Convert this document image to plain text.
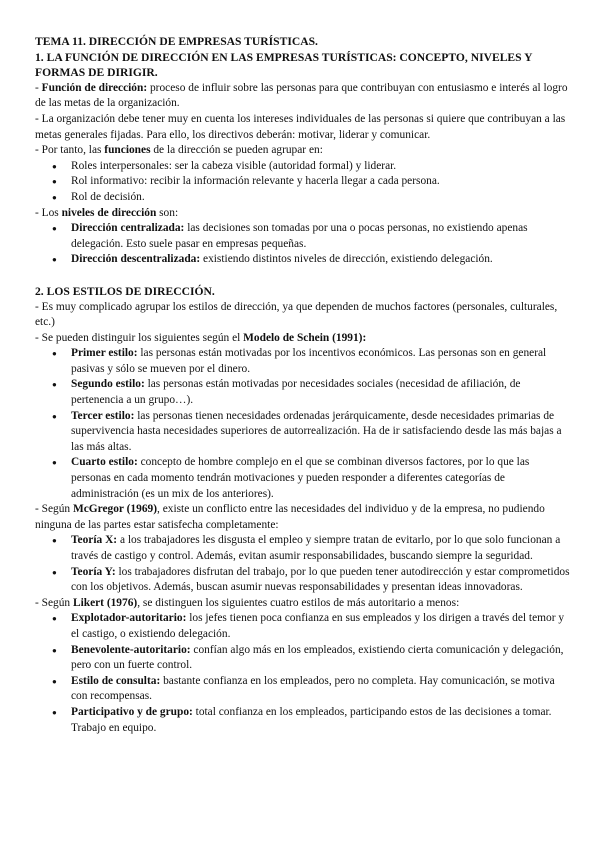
TEMA 11. DIRECCIÓN DE EMPRESAS TURÍSTICAS.
1. LA FUNCIÓN DE DIRECCIÓN EN LAS EMPRESAS TURÍSTICAS: CONCEPTO, NIVELES Y FORMAS DE DIRIGIR.

- Función de dirección: proceso de influir sobre las personas para que contribuyan con entusiasmo e interés al logro de las metas de la organización.

- La organización debe tener muy en cuenta los intereses individuales de las personas si quiere que contribuyan a las metas generales fijadas. Para ello, los directivos deberán: motivar, liderar y comunicar.

- Por tanto, las funciones de la dirección se pueden agrupar en:

● Roles interpersonales: ser la cabeza visible (autoridad formal) y liderar.
● Rol informativo: recibir la información relevante y hacerla llegar a cada persona.
● Rol de decisión.

- Los niveles de dirección son:

● Dirección centralizada: las decisiones son tomadas por una o pocas personas, no existiendo apenas delegación. Esto suele pasar en empresas pequeñas.
● Dirección descentralizada: existiendo distintos niveles de dirección, existiendo delegación.
2. LOS ESTILOS DE DIRECCIÓN.

- Es muy complicado agrupar los estilos de dirección, ya que dependen de muchos factores (personales, culturales, etc.)

- Se pueden distinguir los siguientes según el Modelo de Schein (1991):

● Primer estilo: las personas están motivadas por los incentivos económicos. Las personas son en general pasivas y sólo se mueven por el dinero.
● Segundo estilo: las personas están motivadas por necesidades sociales (necesidad de afiliación, de pertenencia a un grupo…).
● Tercer estilo: las personas tienen necesidades ordenadas jerárquicamente, desde necesidades primarias de supervivencia hasta necesidades superiores de autorrealización. Ha de ir satisfaciendo desde las más bajas a las más altas.
● Cuarto estilo: concepto de hombre complejo en el que se combinan diversos factores, por lo que las personas en cada momento tendrán motivaciones y pueden responder a diferentes categorías de administración (es un mix de los anteriores).

- Según McGregor (1969), existe un conflicto entre las necesidades del individuo y de la empresa, no pudiendo ninguna de las partes estar satisfecha completamente:

● Teoría X: a los trabajadores les disgusta el empleo y siempre tratan de evitarlo, por lo que solo funcionan a través de castigo y control. Además, evitan asumir responsabilidades, buscando siempre la seguridad.
● Teoría Y: los trabajadores disfrutan del trabajo, por lo que pueden tener autodirección y estar comprometidos con los objetivos. Además, buscan asumir nuevas responsabilidades y presentan ideas innovadoras.

- Según Likert (1976), se distinguen los siguientes cuatro estilos de más autoritario a menos:

● Explotador-autoritario: los jefes tienen poca confianza en sus empleados y los dirigen a través del temor y el castigo, o existiendo delegación.
● Benevolente-autoritario: confían algo más en los empleados, existiendo cierta comunicación y delegación, pero con un fuerte control.
● Estilo de consulta: bastante confianza en los empleados, pero no completa. Hay comunicación, se motiva con recompensas.
● Participativo y de grupo: total confianza en los empleados, participando estos de las decisiones a tomar. Trabajo en equipo.
